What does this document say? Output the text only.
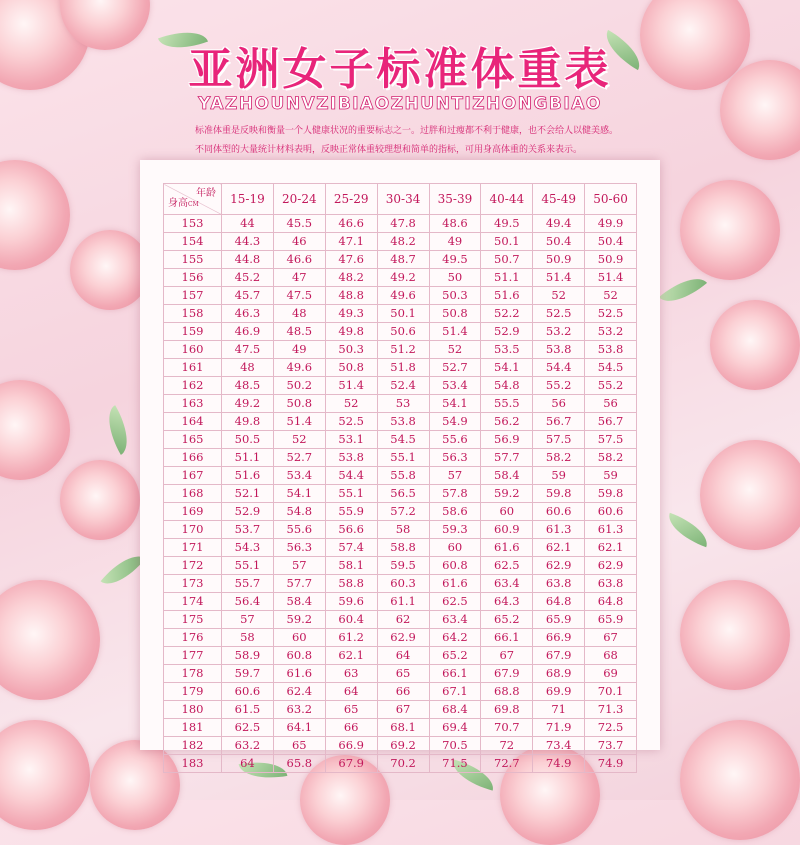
亚洲女子标准体重表
YAZHOUNVZIBIAOZHUNTIZHONGBIAO
标准体重是反映和衡量一个人健康状况的重要标志之一。过胖和过瘦都不利于健康，也不会给人以健美感。不同体型的大量统计材料表明，反映正常体重较理想和简单的指标，可用身高体重的关系来表示。
年龄
身高CM	15-19	20-24	25-29	30-34	35-39	40-44	45-49	50-60
153	44	45.5	46.6	47.8	48.6	49.5	49.4	49.9
154	44.3	46	47.1	48.2	49	50.1	50.4	50.4
155	44.8	46.6	47.6	48.7	49.5	50.7	50.9	50.9
156	45.2	47	48.2	49.2	50	51.1	51.4	51.4
157	45.7	47.5	48.8	49.6	50.3	51.6	52	52
158	46.3	48	49.3	50.1	50.8	52.2	52.5	52.5
159	46.9	48.5	49.8	50.6	51.4	52.9	53.2	53.2
160	47.5	49	50.3	51.2	52	53.5	53.8	53.8
161	48	49.6	50.8	51.8	52.7	54.1	54.4	54.5
162	48.5	50.2	51.4	52.4	53.4	54.8	55.2	55.2
163	49.2	50.8	52	53	54.1	55.5	56	56
164	49.8	51.4	52.5	53.8	54.9	56.2	56.7	56.7
165	50.5	52	53.1	54.5	55.6	56.9	57.5	57.5
166	51.1	52.7	53.8	55.1	56.3	57.7	58.2	58.2
167	51.6	53.4	54.4	55.8	57	58.4	59	59
168	52.1	54.1	55.1	56.5	57.8	59.2	59.8	59.8
169	52.9	54.8	55.9	57.2	58.6	60	60.6	60.6
170	53.7	55.6	56.6	58	59.3	60.9	61.3	61.3
171	54.3	56.3	57.4	58.8	60	61.6	62.1	62.1
172	55.1	57	58.1	59.5	60.8	62.5	62.9	62.9
173	55.7	57.7	58.8	60.3	61.6	63.4	63.8	63.8
174	56.4	58.4	59.6	61.1	62.5	64.3	64.8	64.8
175	57	59.2	60.4	62	63.4	65.2	65.9	65.9
176	58	60	61.2	62.9	64.2	66.1	66.9	67
177	58.9	60.8	62.1	64	65.2	67	67.9	68
178	59.7	61.6	63	65	66.1	67.9	68.9	69
179	60.6	62.4	64	66	67.1	68.8	69.9	70.1
180	61.5	63.2	65	67	68.4	69.8	71	71.3
181	62.5	64.1	66	68.1	69.4	70.7	71.9	72.5
182	63.2	65	66.9	69.2	70.5	72	73.4	73.7
183	64	65.8	67.9	70.2	71.5	72.7	74.9	74.9
